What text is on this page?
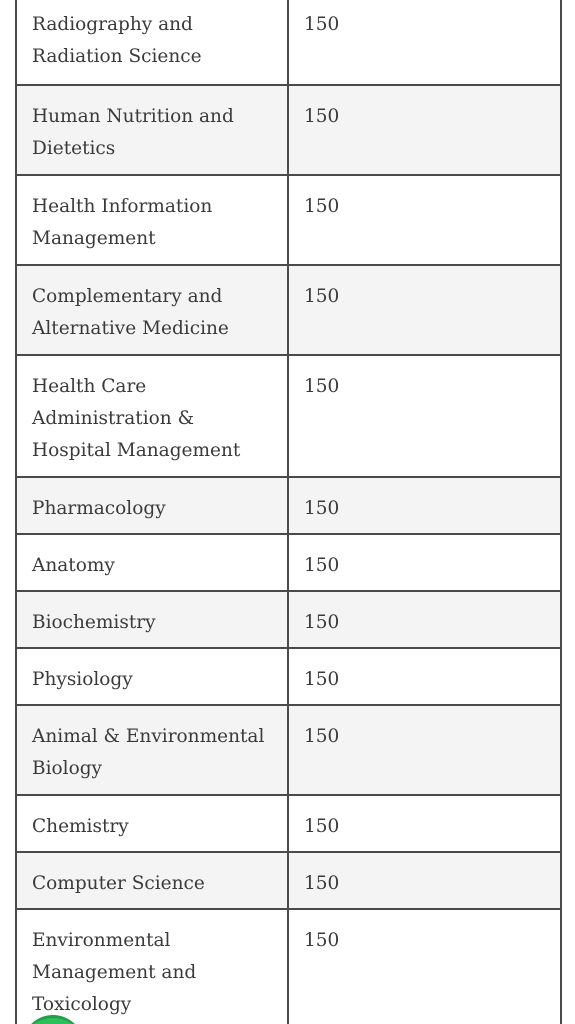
Radiography and Radiation Science	150
Human Nutrition and Dietetics	150
Health Information Management	150
Complementary and Alternative Medicine	150
Health Care Administration & Hospital Management	150
Pharmacology	150
Anatomy	150
Biochemistry	150
Physiology	150
Animal & Environmental Biology	150
Chemistry	150
Computer Science	150
Environmental Management and Toxicology	150
